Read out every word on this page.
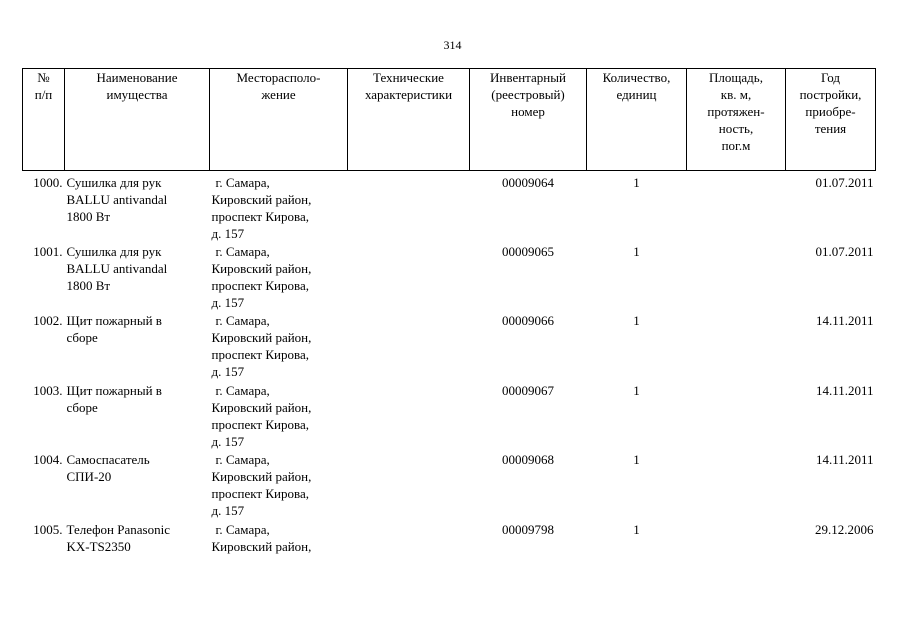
314
№
п/п	Наименование
имущества	Месторасполо-
жение	Технические
характеристики	Инвентарный
(реестровый)
номер	Количество,
единиц	Площадь,
кв. м,
протяжен-
ность,
пог.м	Год
постройки,
приобре-
тения

1000.	Сушилка для рук
BALLU antivandal
1800 Вт	г. Самара,
Кировский район,
проспект Кирова,
д. 157		00009064	1		01.07.2011
1001.	Сушилка для рук
BALLU antivandal
1800 Вт	г. Самара,
Кировский район,
проспект Кирова,
д. 157		00009065	1		01.07.2011
1002.	Щит пожарный в
сборе	г. Самара,
Кировский район,
проспект Кирова,
д. 157		00009066	1		14.11.2011
1003.	Щит пожарный в
сборе	г. Самара,
Кировский район,
проспект Кирова,
д. 157		00009067	1		14.11.2011
1004.	Самоспасатель
СПИ-20	г. Самара,
Кировский район,
проспект Кирова,
д. 157		00009068	1		14.11.2011
1005.	Телефон Panasonic
KX-TS2350	г. Самара,
Кировский район,		00009798	1		29.12.2006
